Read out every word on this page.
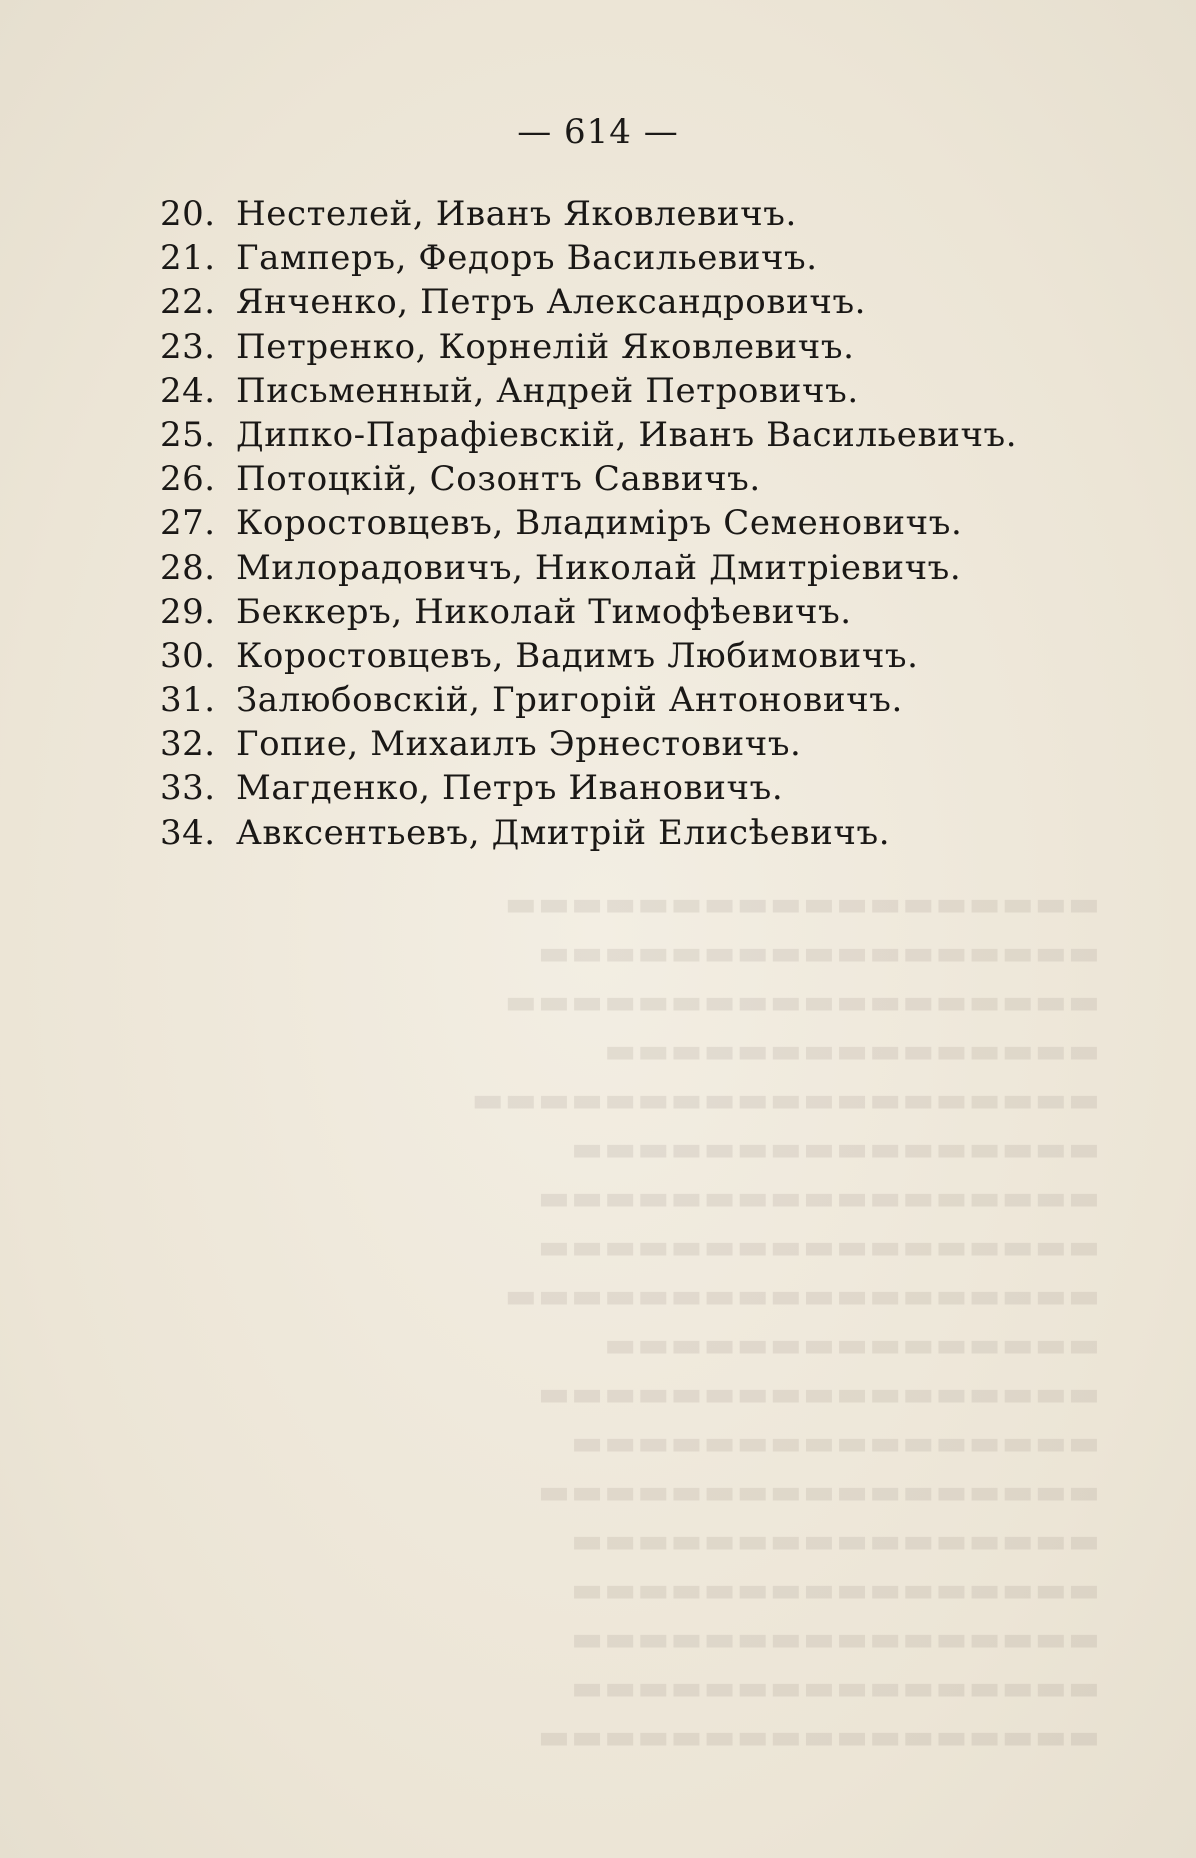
▬▬▬▬▬▬▬▬▬▬▬▬▬▬▬▬▬▬
▬▬▬▬▬▬▬▬▬▬▬▬▬▬▬▬▬
▬▬▬▬▬▬▬▬▬▬▬▬▬▬▬▬▬▬
▬▬▬▬▬▬▬▬▬▬▬▬▬▬▬
▬▬▬▬▬▬▬▬▬▬▬▬▬▬▬▬▬▬▬
▬▬▬▬▬▬▬▬▬▬▬▬▬▬▬▬
▬▬▬▬▬▬▬▬▬▬▬▬▬▬▬▬▬
▬▬▬▬▬▬▬▬▬▬▬▬▬▬▬▬▬
▬▬▬▬▬▬▬▬▬▬▬▬▬▬▬▬▬▬
▬▬▬▬▬▬▬▬▬▬▬▬▬▬▬
▬▬▬▬▬▬▬▬▬▬▬▬▬▬▬▬▬
▬▬▬▬▬▬▬▬▬▬▬▬▬▬▬▬
▬▬▬▬▬▬▬▬▬▬▬▬▬▬▬▬▬
▬▬▬▬▬▬▬▬▬▬▬▬▬▬▬▬
▬▬▬▬▬▬▬▬▬▬▬▬▬▬▬▬
▬▬▬▬▬▬▬▬▬▬▬▬▬▬▬▬
▬▬▬▬▬▬▬▬▬▬▬▬▬▬▬▬
▬▬▬▬▬▬▬▬▬▬▬▬▬▬▬▬▬
— 614 —
20. Нестелей, Иванъ Яковлевичъ.
21. Гамперъ, Федоръ Васильевичъ.
22. Янченко, Петръ Александровичъ.
23. Петренко, Корнелій Яковлевичъ.
24. Письменный, Андрей Петровичъ.
25. Дипко-Парафіевскій, Иванъ Васильевичъ.
26. Потоцкій, Созонтъ Саввичъ.
27. Коростовцевъ, Владиміръ Семеновичъ.
28. Милорадовичъ, Николай Дмитріевичъ.
29. Беккеръ, Николай Тимофѣевичъ.
30. Коростовцевъ, Вадимъ Любимовичъ.
31. Залюбовскій, Григорій Антоновичъ.
32. Гопие, Михаилъ Эрнестовичъ.
33. Магденко, Петръ Ивановичъ.
34. Авксентьевъ, Дмитрій Елисѣевичъ.
